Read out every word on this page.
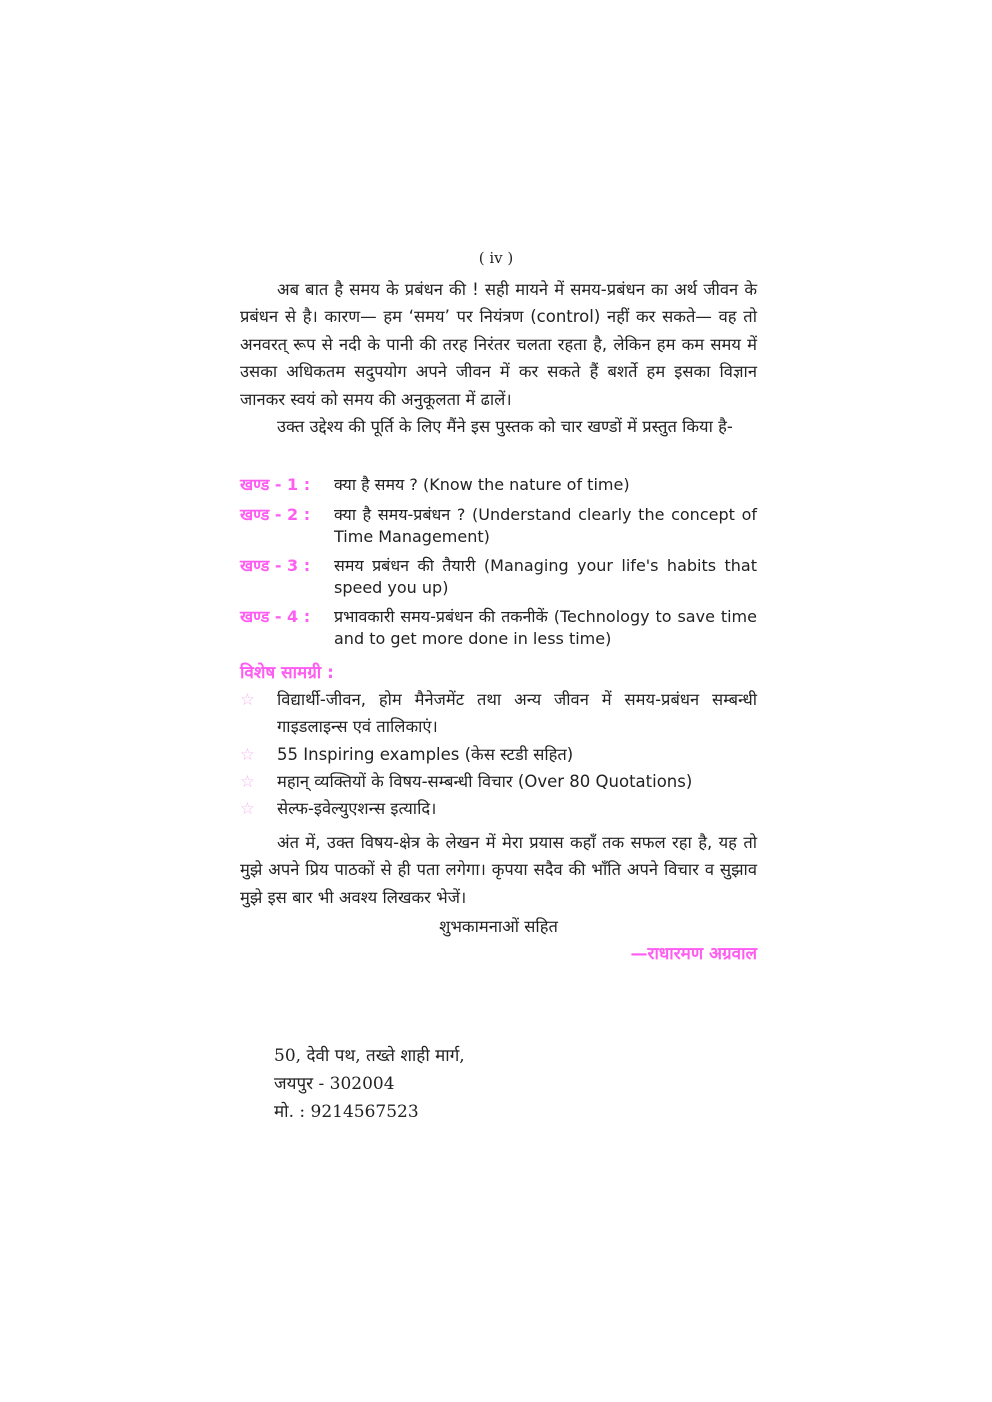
( iv )

अब बात है समय के प्रबंधन की ! सही मायने में समय-प्रबंधन का अर्थ जीवन के प्रबंधन से है। कारण— हम ‘समय’ पर नियंत्रण (control) नहीं कर सकते— वह तो अनवरत् रूप से नदी के पानी की तरह निरंतर चलता रहता है, लेकिन हम कम समय में उसका अधिकतम सदुपयोग अपने जीवन में कर सकते हैं बशर्ते हम इसका विज्ञान जानकर स्वयं को समय की अनुकूलता में ढालें।

उक्त उद्देश्य की पूर्ति के लिए मैंने इस पुस्तक को चार खण्डों में प्रस्तुत किया है-

खण्ड - 1 :	क्या है समय ? (Know the nature of time)
खण्ड - 2 :	क्या है समय-प्रबंधन ? (Understand clearly the concept of Time Management)
खण्ड - 3 :	समय प्रबंधन की तैयारी (Managing your life's habits that speed you up)
खण्ड - 4 :	प्रभावकारी समय-प्रबंधन की तकनीकें (Technology to save time and to get more done in less time)
विशेष सामग्री :
☆	विद्यार्थी-जीवन, होम मैनेजमेंट तथा अन्य जीवन में समय-प्रबंधन सम्बन्धी गाइडलाइन्स एवं तालिकाएं।
☆	55 Inspiring examples (केस स्टडी सहित)
☆	महान् व्यक्तियों के विषय-सम्बन्धी विचार (Over 80 Quotations)
☆	सेल्फ-इवेल्युएशन्स इत्यादि।

अंत में, उक्त विषय-क्षेत्र के लेखन में मेरा प्रयास कहाँ तक सफल रहा है, यह तो मुझे अपने प्रिय पाठकों से ही पता लगेगा। कृपया सदैव की भाँति अपने विचार व सुझाव मुझे इस बार भी अवश्य लिखकर भेजें।

शुभकामनाओं सहित
—राधारमण अग्रवाल
50, देवी पथ, तख्ते शाही मार्ग,
जयपुर - 302004
मो. : 9214567523
